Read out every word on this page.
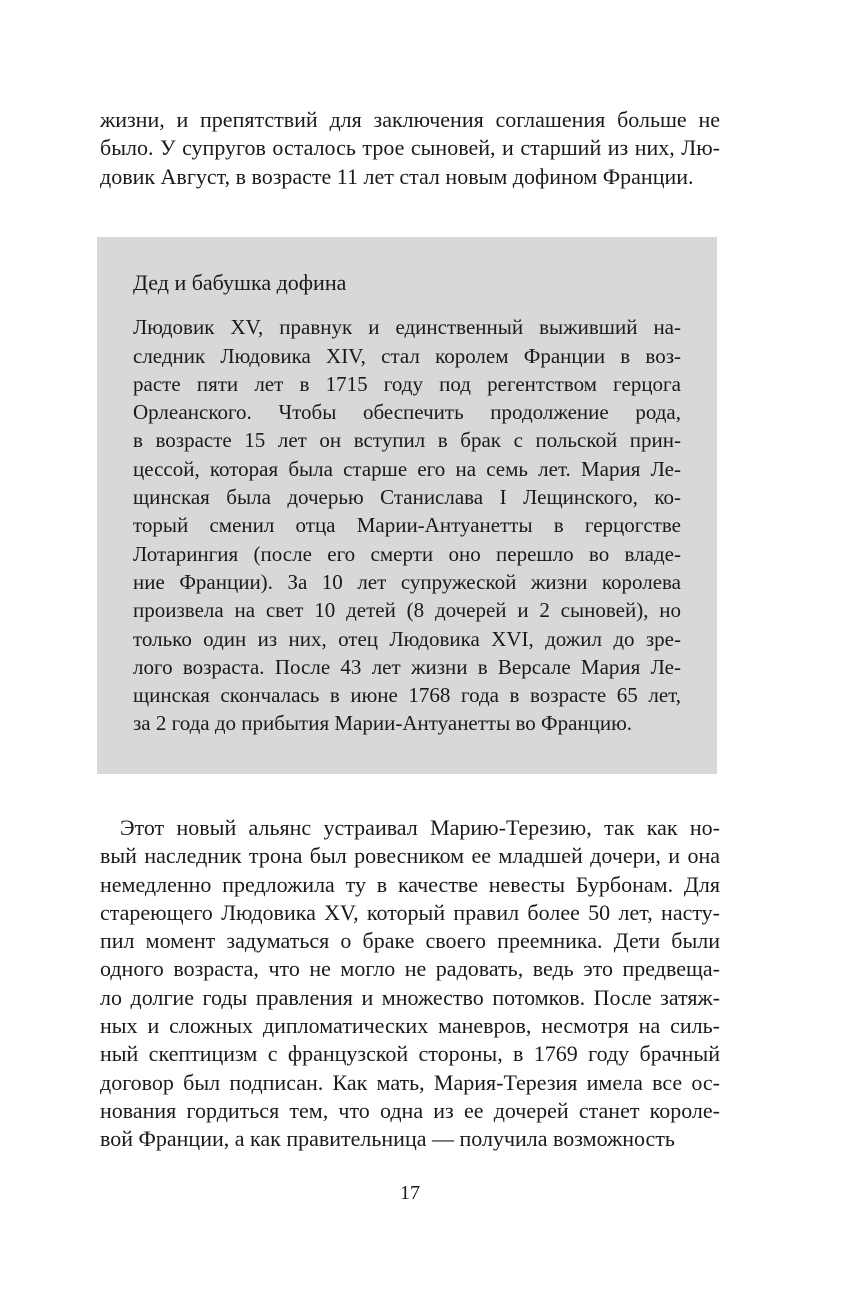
жизни, и препятствий для заключения соглашения больше не
было. У супругов осталось трое сыновей, и старший из них, Лю-
довик Август, в возрасте 11 лет стал новым дофином Франции.
Дед и бабушка дофина
Людовик XV, правнук и единственный выживший на-
следник Людовика XIV, стал королем Франции в воз-
расте пяти лет в 1715 году под регентством герцога
Орлеанского. Чтобы обеспечить продолжение рода,
в возрасте 15 лет он вступил в брак с польской прин-
цессой, которая была старше его на семь лет. Мария Ле-
щинская была дочерью Станислава I Лещинского, ко-
торый сменил отца Марии-Антуанетты в герцогстве
Лотарингия (после его смерти оно перешло во владе-
ние Франции). За 10 лет супружеской жизни королева
произвела на свет 10 детей (8 дочерей и 2 сыновей), но
только один из них, отец Людовика XVI, дожил до зре-
лого возраста. После 43 лет жизни в Версале Мария Ле-
щинская скончалась в июне 1768 года в возрасте 65 лет,
за 2 года до прибытия Марии-Антуанетты во Францию.
Этот новый альянс устраивал Марию-Терезию, так как но-
вый наследник трона был ровесником ее младшей дочери, и она
немедленно предложила ту в качестве невесты Бурбонам. Для
стареющего Людовика XV, который правил более 50 лет, насту-
пил момент задуматься о браке своего преемника. Дети были
одного возраста, что не могло не радовать, ведь это предвеща-
ло долгие годы правления и множество потомков. После затяж-
ных и сложных дипломатических маневров, несмотря на силь-
ный скептицизм с французской стороны, в 1769 году брачный
договор был подписан. Как мать, Мария-Терезия имела все ос-
нования гордиться тем, что одна из ее дочерей станет короле-
вой Франции, а как правительница — получила возможность
17
